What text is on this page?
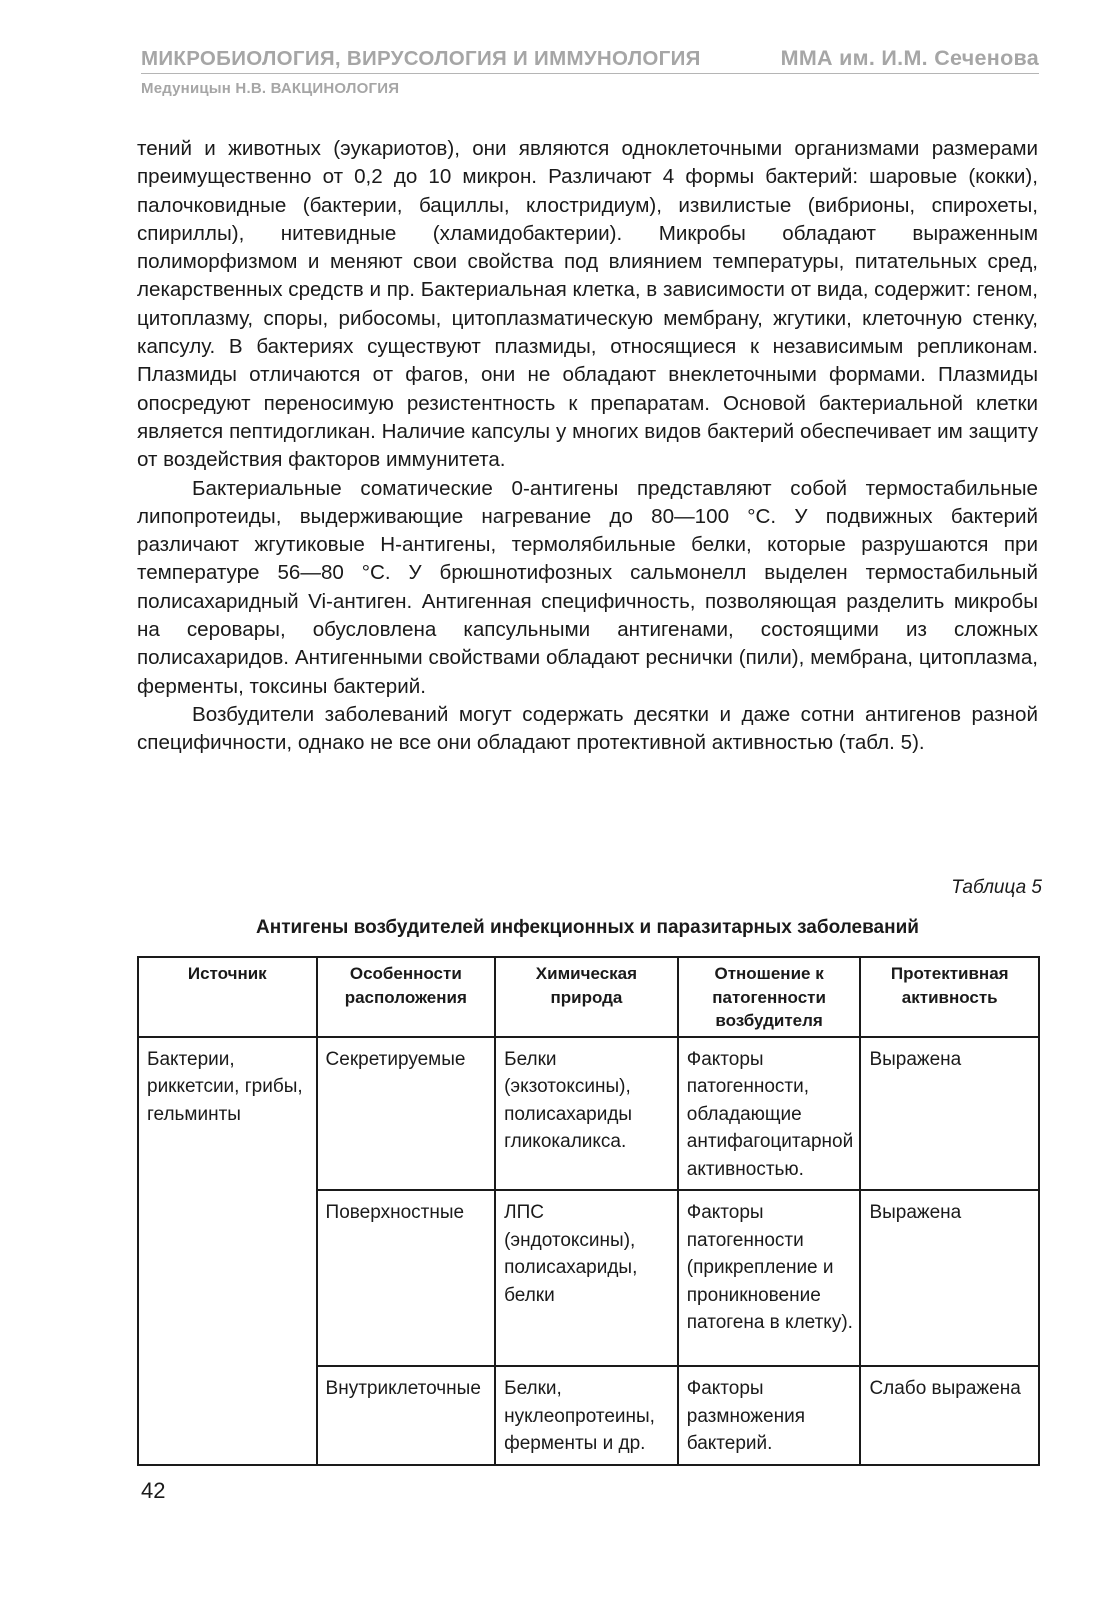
МИКРОБИОЛОГИЯ, ВИРУСОЛОГИЯ И ИММУНОЛОГИЯ	ММА им. И.М. Сеченова
Медуницын Н.В. ВАКЦИНОЛОГИЯ

тений и животных (эукариотов), они являются одноклеточными организмами размерами преимущественно от 0,2 до 10 микрон. Различают 4 формы бактерий: шаровые (кокки), палочковидные (бактерии, бациллы, клостридиум), извилистые (вибрионы, спирохеты, спириллы), нитевидные (хламидобактерии). Микробы обладают выраженным полиморфизмом и меняют свои свойства под влиянием температуры, питательных сред, лекарственных средств и пр. Бактериальная клетка, в зависимости от вида, содержит: геном, цитоплазму, споры, рибосомы, цитоплазматическую мембрану, жгутики, клеточную стенку, капсулу. В бактериях существуют плазмиды, относящиеся к независимым репликонам. Плазмиды отличаются от фагов, они не обладают внеклеточными формами. Плазмиды опосредуют переносимую резистентность к препаратам. Основой бактериальной клетки является пептидогликан. Наличие капсулы у многих видов бактерий обеспечивает им защиту от воздействия факторов иммунитета.

Бактериальные соматические 0-антигены представляют собой термостабильные липопротеиды, выдерживающие нагревание до 80—100 °С. У подвижных бактерий различают жгутиковые Н-антигены, термолябильные белки, которые разрушаются при температуре 56—80 °С. У брюшнотифозных сальмонелл выделен термостабильный полисахаридный Vi-антиген. Антигенная специфичность, позволяющая разделить микробы на серовары, обусловлена капсульными антигенами, состоящими из сложных полисахаридов. Антигенными свойствами обладают реснички (пили), мембрана, цитоплазма, ферменты, токсины бактерий.

Возбудители заболеваний могут содержать десятки и даже сотни антигенов разной специфичности, однако не все они обладают протективной активностью (табл. 5).

Таблица 5
Антигены возбудителей инфекционных и паразитарных заболеваний
Источник	Особенности расположения	Химическая природа	Отношение к патогенности возбудителя	Протективная активность
Бактерии, риккетсии, грибы, гельминты	Секретируемые	Белки (экзотоксины), полисахариды гликокаликса.	Факторы патогенности, обладающие антифагоцитарной активностью.	Выражена
	Поверхностные	ЛПС (эндотоксины), полисахариды, белки	Факторы патогенности (прикрепление и проникновение патогена в клетку).	Выражена
	Внутриклеточные	Белки, нуклеопротеины, ферменты и др.	Факторы размножения бактерий.	Слабо выражена
42
